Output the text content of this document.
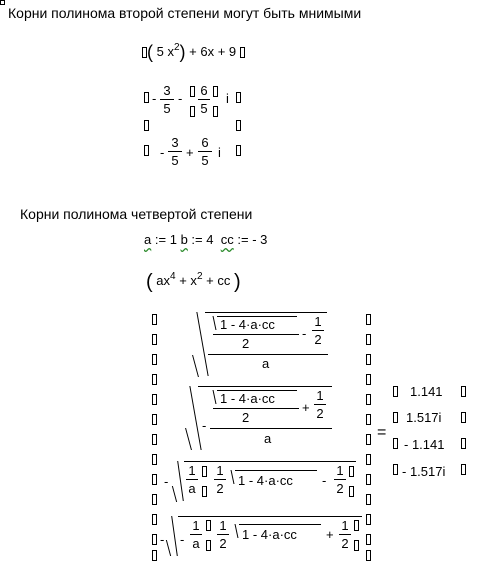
Корни полинома второй степени могут быть мнимыми
( 5 $x^2) + 6x + 9$
-
3
5
-
6
5
i
-
3
5
+
6
5
i
Корни полинома четвертой степени
a := 1 b := 4 cc := - 3
( $ax^4 + x^2$ + cc )
1 - 4·a·cc
2
-
1
2
a
-
1 - 4·a·cc
2
+
1
2
a
-
1
a
1
2
1 - 4·a·cc -
1
2
- -
1
a
1
2
1 - 4·a·cc +
1
2
=
1.141
1.517i
- 1.141
- 1.517i
